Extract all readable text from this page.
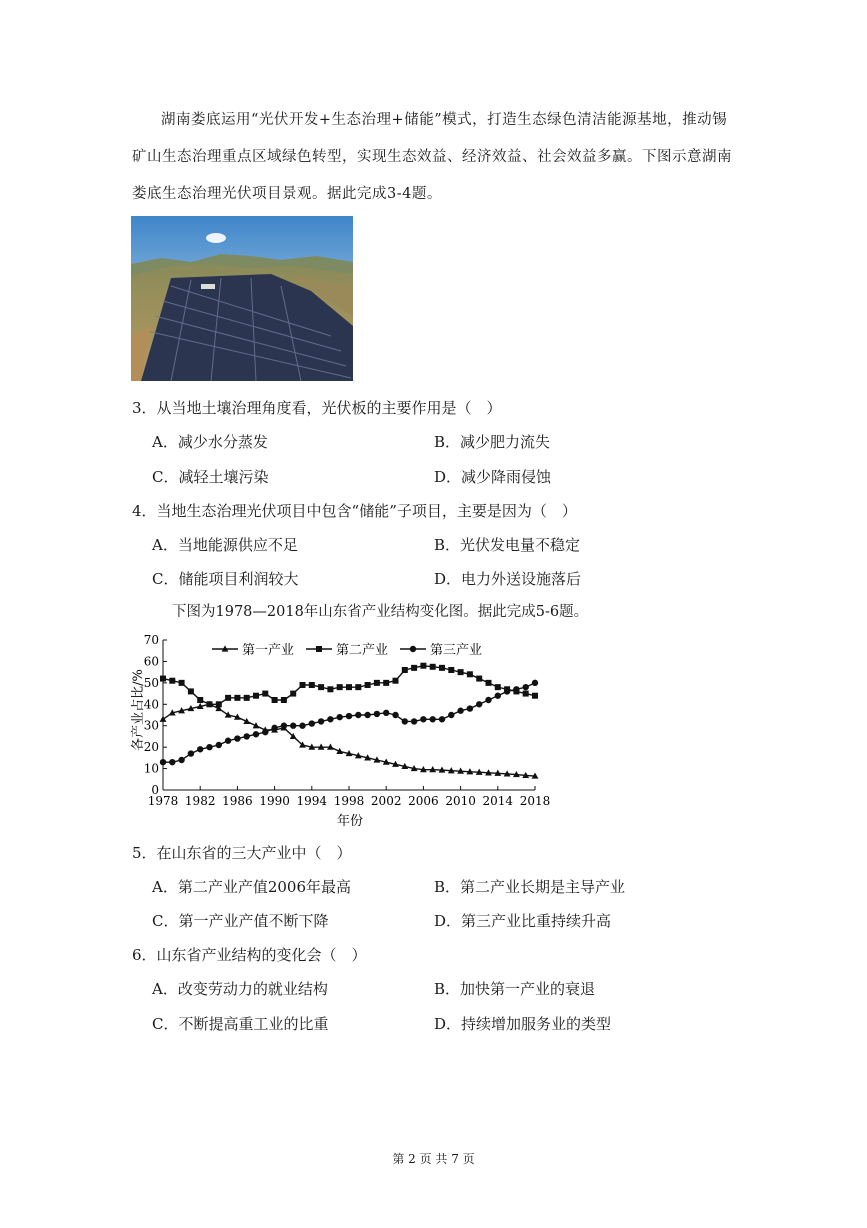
湖南娄底运用“光伏开发+生态治理+储能”模式，打造生态绿色清洁能源基地，推动锡
矿山生态治理重点区域绿色转型，实现生态效益、经济效益、社会效益多赢。下图示意湖南
娄底生态治理光伏项目景观。据此完成3-4题。
3．从当地土壤治理角度看，光伏板的主要作用是（　）
A．减少水分蒸发	B．减少肥力流失
C．减轻土壤污染	D．减少降雨侵蚀
4．当地生态治理光伏项目中包含“储能”子项目，主要是因为（　）
A．当地能源供应不足	B．光伏发电量不稳定
C．储能项目利润较大	D．电力外送设施落后
下图为1978—2018年山东省产业结构变化图。据此完成5-6题。
0
10
20
30
40
50
60
70
1978 1982 1986 1990 1994 1998 2002 2006 2010 2014 2018
第一产业	第二产业	第三产业
各产业占比/%
年份
5．在山东省的三大产业中（　）
A．第二产业产值2006年最高	B．第二产业长期是主导产业
C．第一产业产值不断下降	D．第三产业比重持续升高
6．山东省产业结构的变化会（　）
A．改变劳动力的就业结构	B．加快第一产业的衰退
C．不断提高重工业的比重	D．持续增加服务业的类型
第 2 页 共 7 页
